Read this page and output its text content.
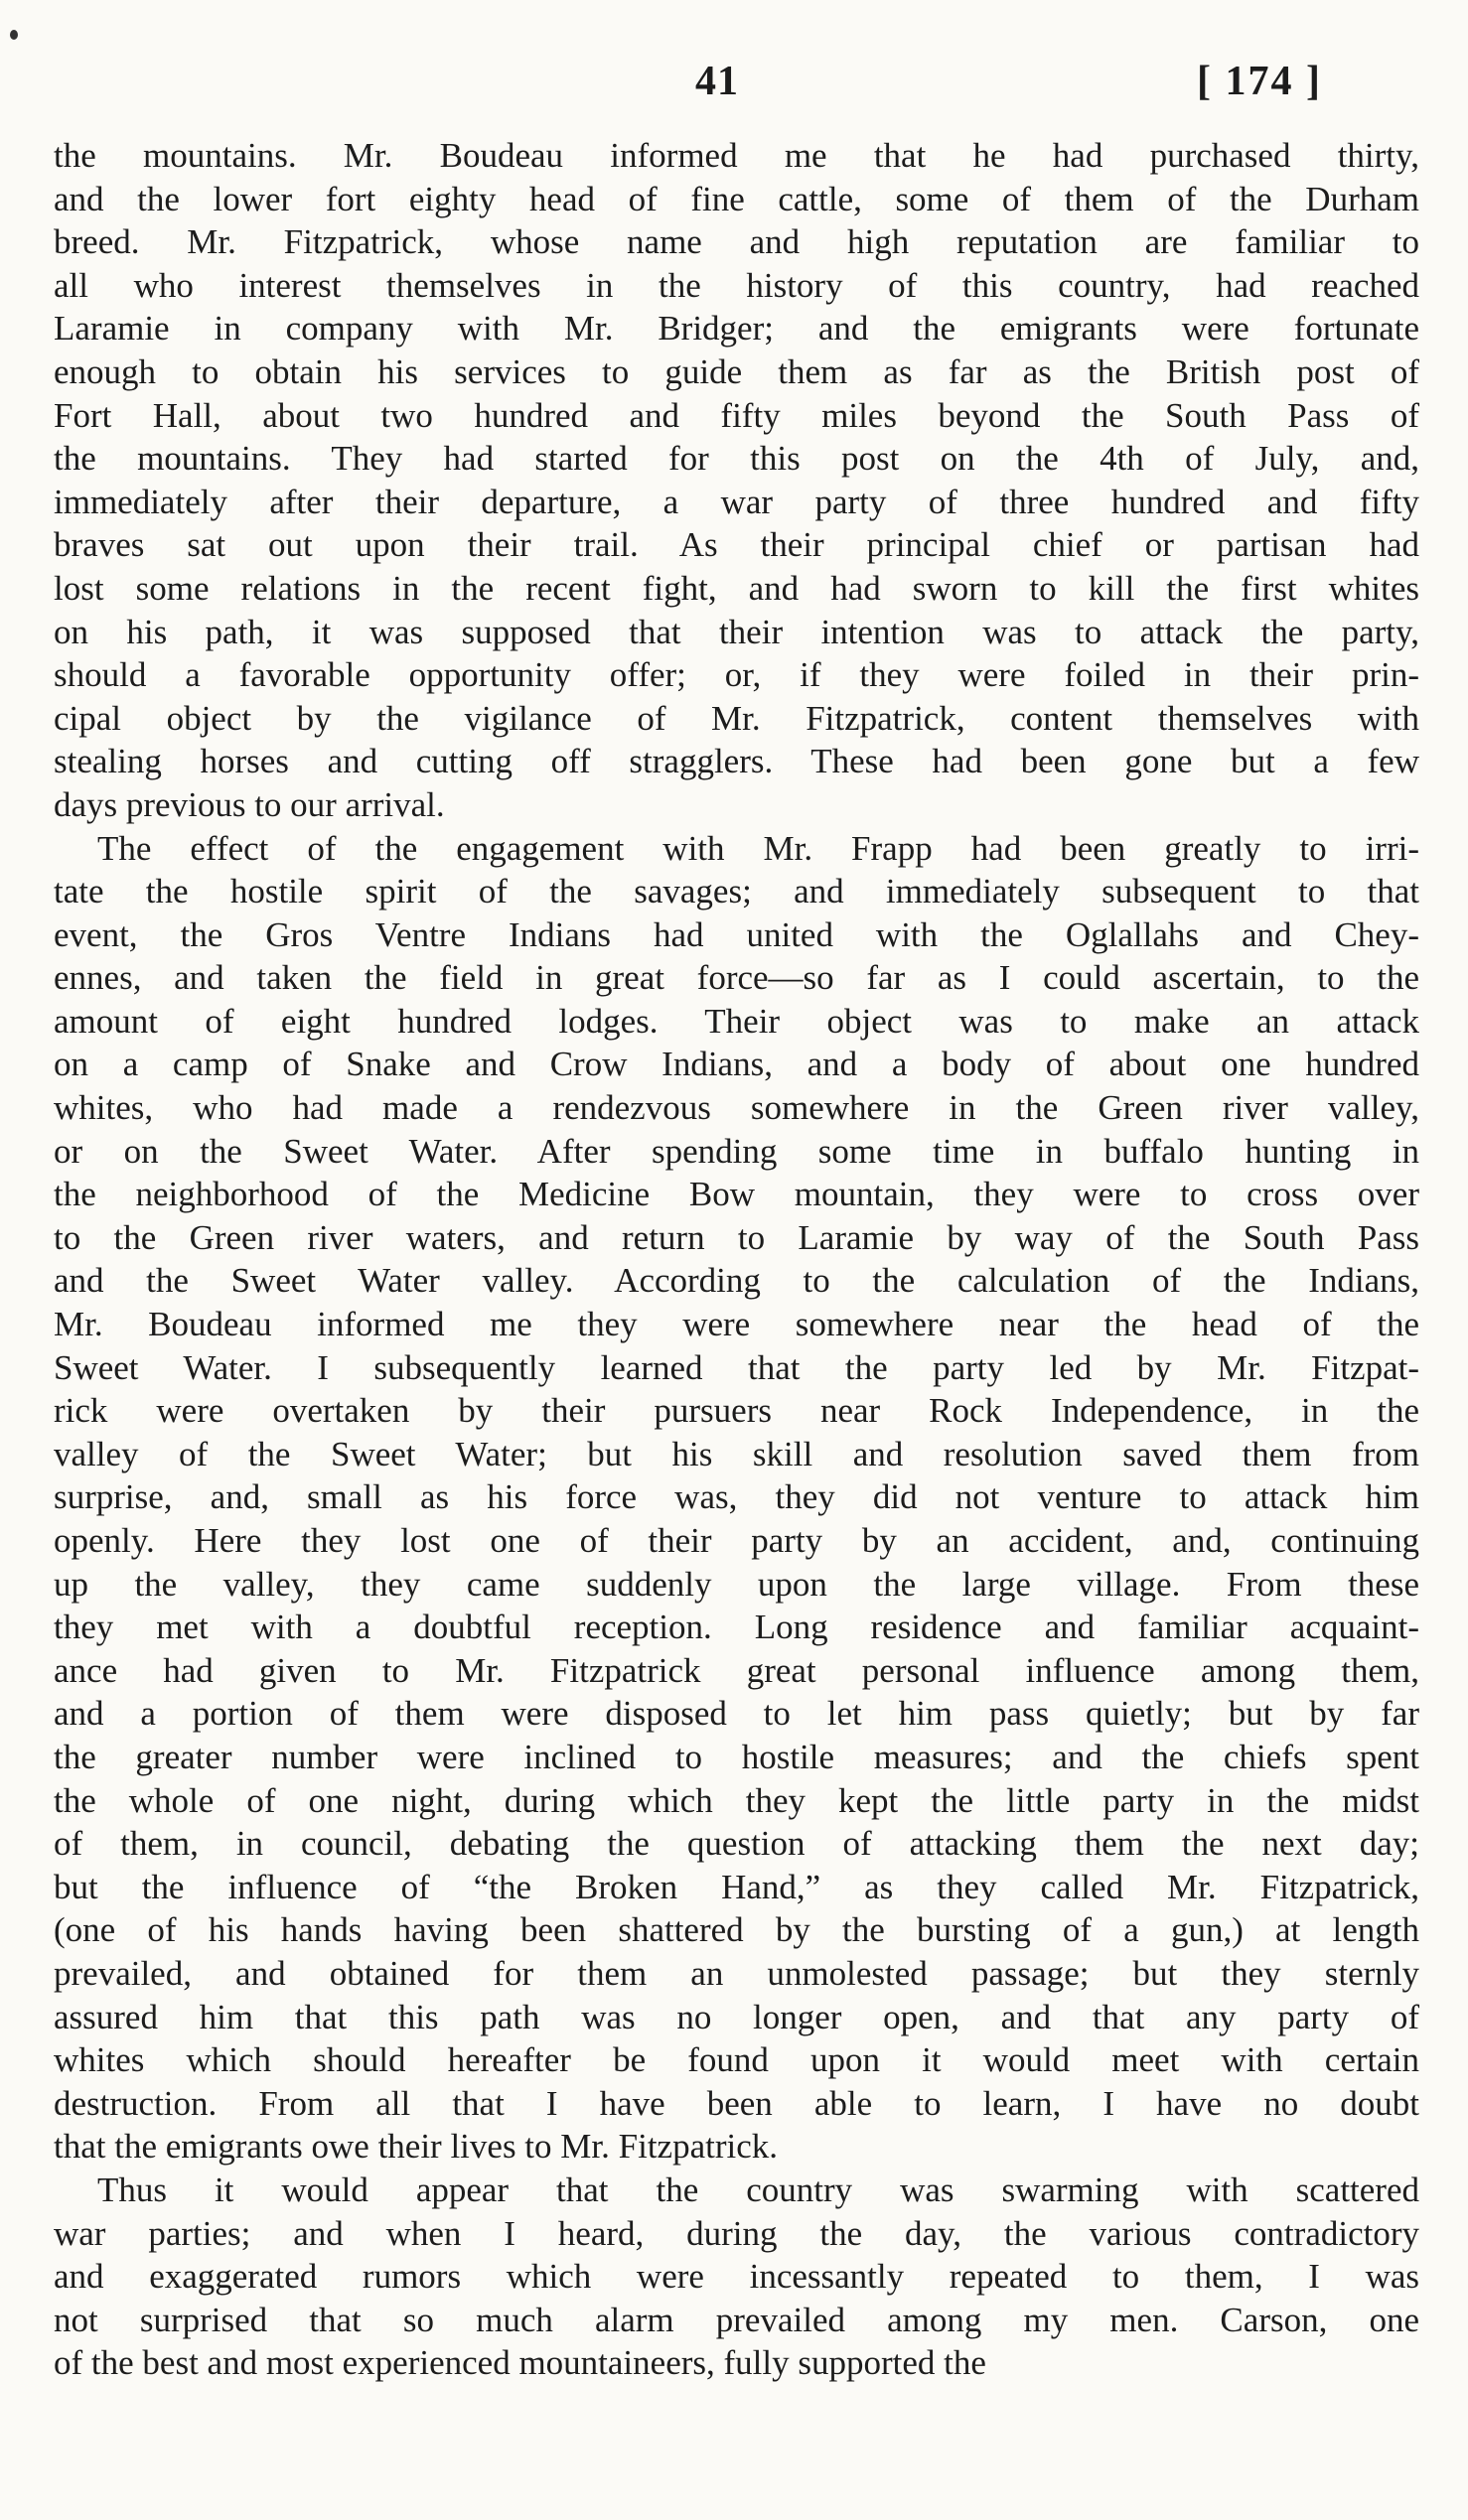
41	[ 174 ]

the mountains. Mr. Boudeau informed me that he had purchased thirty,
and the lower fort eighty head of fine cattle, some of them of the Durham
breed. Mr. Fitzpatrick, whose name and high reputation are familiar to
all who interest themselves in the history of this country, had reached
Laramie in company with Mr. Bridger; and the emigrants were fortunate
enough to obtain his services to guide them as far as the British post of
Fort Hall, about two hundred and fifty miles beyond the South Pass of
the mountains. They had started for this post on the 4th of July, and,
immediately after their departure, a war party of three hundred and fifty
braves sat out upon their trail. As their principal chief or partisan had
lost some relations in the recent fight, and had sworn to kill the first whites
on his path, it was supposed that their intention was to attack the party,
should a favorable opportunity offer; or, if they were foiled in their prin-
cipal object by the vigilance of Mr. Fitzpatrick, content themselves with
stealing horses and cutting off stragglers. These had been gone but a few
days previous to our arrival.

The effect of the engagement with Mr. Frapp had been greatly to irri-
tate the hostile spirit of the savages; and immediately subsequent to that
event, the Gros Ventre Indians had united with the Oglallahs and Chey-
ennes, and taken the field in great force—so far as I could ascertain, to the
amount of eight hundred lodges. Their object was to make an attack
on a camp of Snake and Crow Indians, and a body of about one hundred
whites, who had made a rendezvous somewhere in the Green river valley,
or on the Sweet Water. After spending some time in buffalo hunting in
the neighborhood of the Medicine Bow mountain, they were to cross over
to the Green river waters, and return to Laramie by way of the South Pass
and the Sweet Water valley. According to the calculation of the Indians,
Mr. Boudeau informed me they were somewhere near the head of the
Sweet Water. I subsequently learned that the party led by Mr. Fitzpat-
rick were overtaken by their pursuers near Rock Independence, in the
valley of the Sweet Water; but his skill and resolution saved them from
surprise, and, small as his force was, they did not venture to attack him
openly. Here they lost one of their party by an accident, and, continuing
up the valley, they came suddenly upon the large village. From these
they met with a doubtful reception. Long residence and familiar acquaint-
ance had given to Mr. Fitzpatrick great personal influence among them,
and a portion of them were disposed to let him pass quietly; but by far
the greater number were inclined to hostile measures; and the chiefs spent
the whole of one night, during which they kept the little party in the midst
of them, in council, debating the question of attacking them the next day;
but the influence of “the Broken Hand,” as they called Mr. Fitzpatrick,
(one of his hands having been shattered by the bursting of a gun,) at length
prevailed, and obtained for them an unmolested passage; but they sternly
assured him that this path was no longer open, and that any party of
whites which should hereafter be found upon it would meet with certain
destruction. From all that I have been able to learn, I have no doubt
that the emigrants owe their lives to Mr. Fitzpatrick.

Thus it would appear that the country was swarming with scattered
war parties; and when I heard, during the day, the various contradictory
and exaggerated rumors which were incessantly repeated to them, I was
not surprised that so much alarm prevailed among my men. Carson, one
of the best and most experienced mountaineers, fully supported the
